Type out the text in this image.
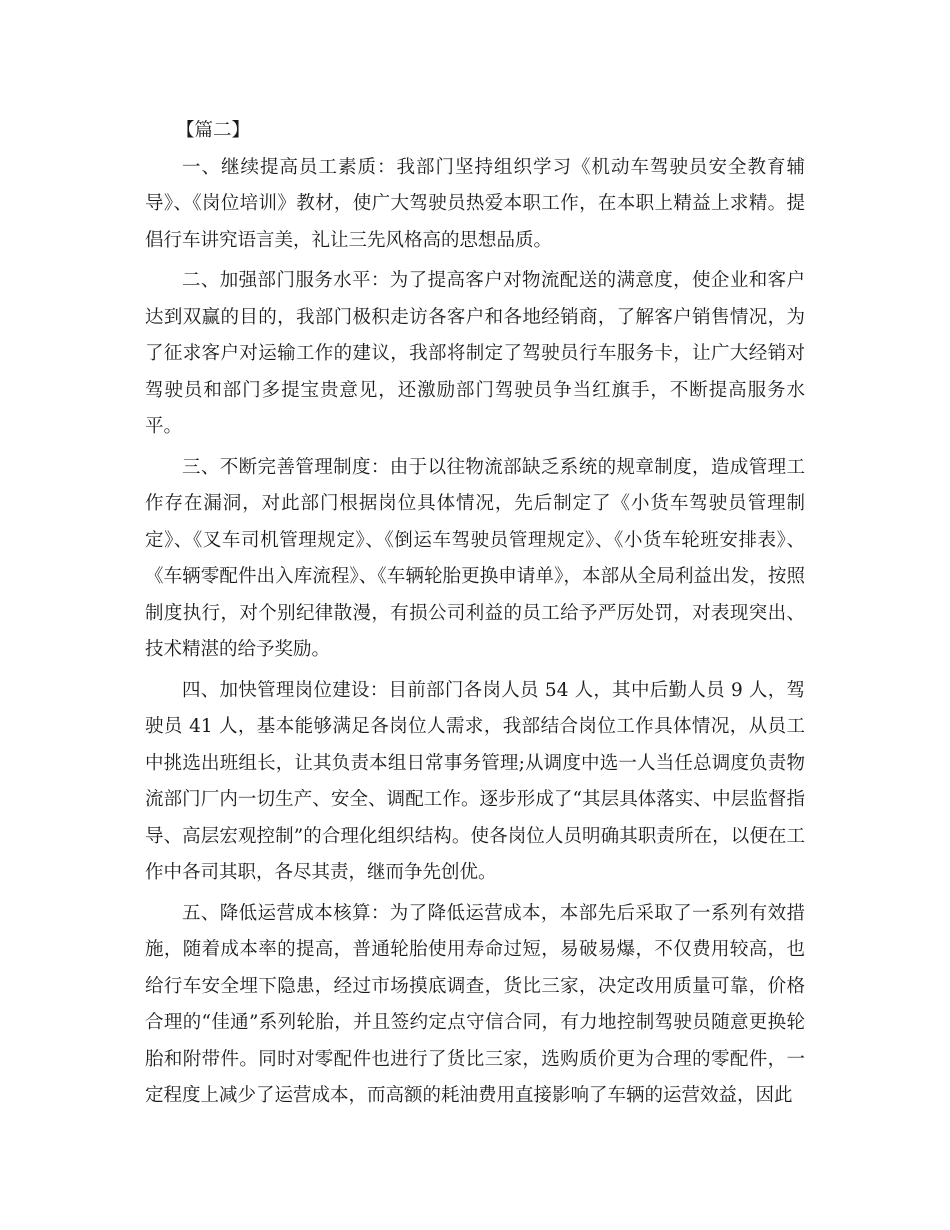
【篇二】

一、继续提高员工素质：我部门坚持组织学习《机动车驾驶员安全教育辅导》、《岗位培训》教材，使广大驾驶员热爱本职工作，在本职上精益上求精。提倡行车讲究语言美，礼让三先风格高的思想品质。

二、加强部门服务水平：为了提高客户对物流配送的满意度，使企业和客户达到双赢的目的，我部门极积走访各客户和各地经销商，了解客户销售情况，为了征求客户对运输工作的建议，我部将制定了驾驶员行车服务卡，让广大经销对驾驶员和部门多提宝贵意见，还激励部门驾驶员争当红旗手，不断提高服务水平。

三、不断完善管理制度：由于以往物流部缺乏系统的规章制度，造成管理工作存在漏洞，对此部门根据岗位具体情况，先后制定了《小货车驾驶员管理制定》、《叉车司机管理规定》、《倒运车驾驶员管理规定》、《小货车轮班安排表》、《车辆零配件出入库流程》、《车辆轮胎更换申请单》，本部从全局利益出发，按照制度执行，对个别纪律散漫，有损公司利益的员工给予严厉处罚，对表现突出、技术精湛的给予奖励。

四、加快管理岗位建设：目前部门各岗人员 54 人，其中后勤人员 9 人，驾驶员 41 人，基本能够满足各岗位人需求，我部结合岗位工作具体情况，从员工中挑选出班组长，让其负责本组日常事务管理;从调度中选一人当任总调度负责物流部门厂内一切生产、安全、调配工作。逐步形成了“其层具体落实、中层监督指导、高层宏观控制”的合理化组织结构。使各岗位人员明确其职责所在，以便在工作中各司其职，各尽其责，继而争先创优。

五、降低运营成本核算：为了降低运营成本，本部先后采取了一系列有效措施，随着成本率的提高，普通轮胎使用寿命过短，易破易爆，不仅费用较高，也给行车安全埋下隐患，经过市场摸底调查，货比三家，决定改用质量可靠，价格合理的“佳通”系列轮胎，并且签约定点守信合同，有力地控制驾驶员随意更换轮胎和附带件。同时对零配件也进行了货比三家，选购质价更为合理的零配件，一定程度上减少了运营成本，而高额的耗油费用直接影响了车辆的运营效益，因此
